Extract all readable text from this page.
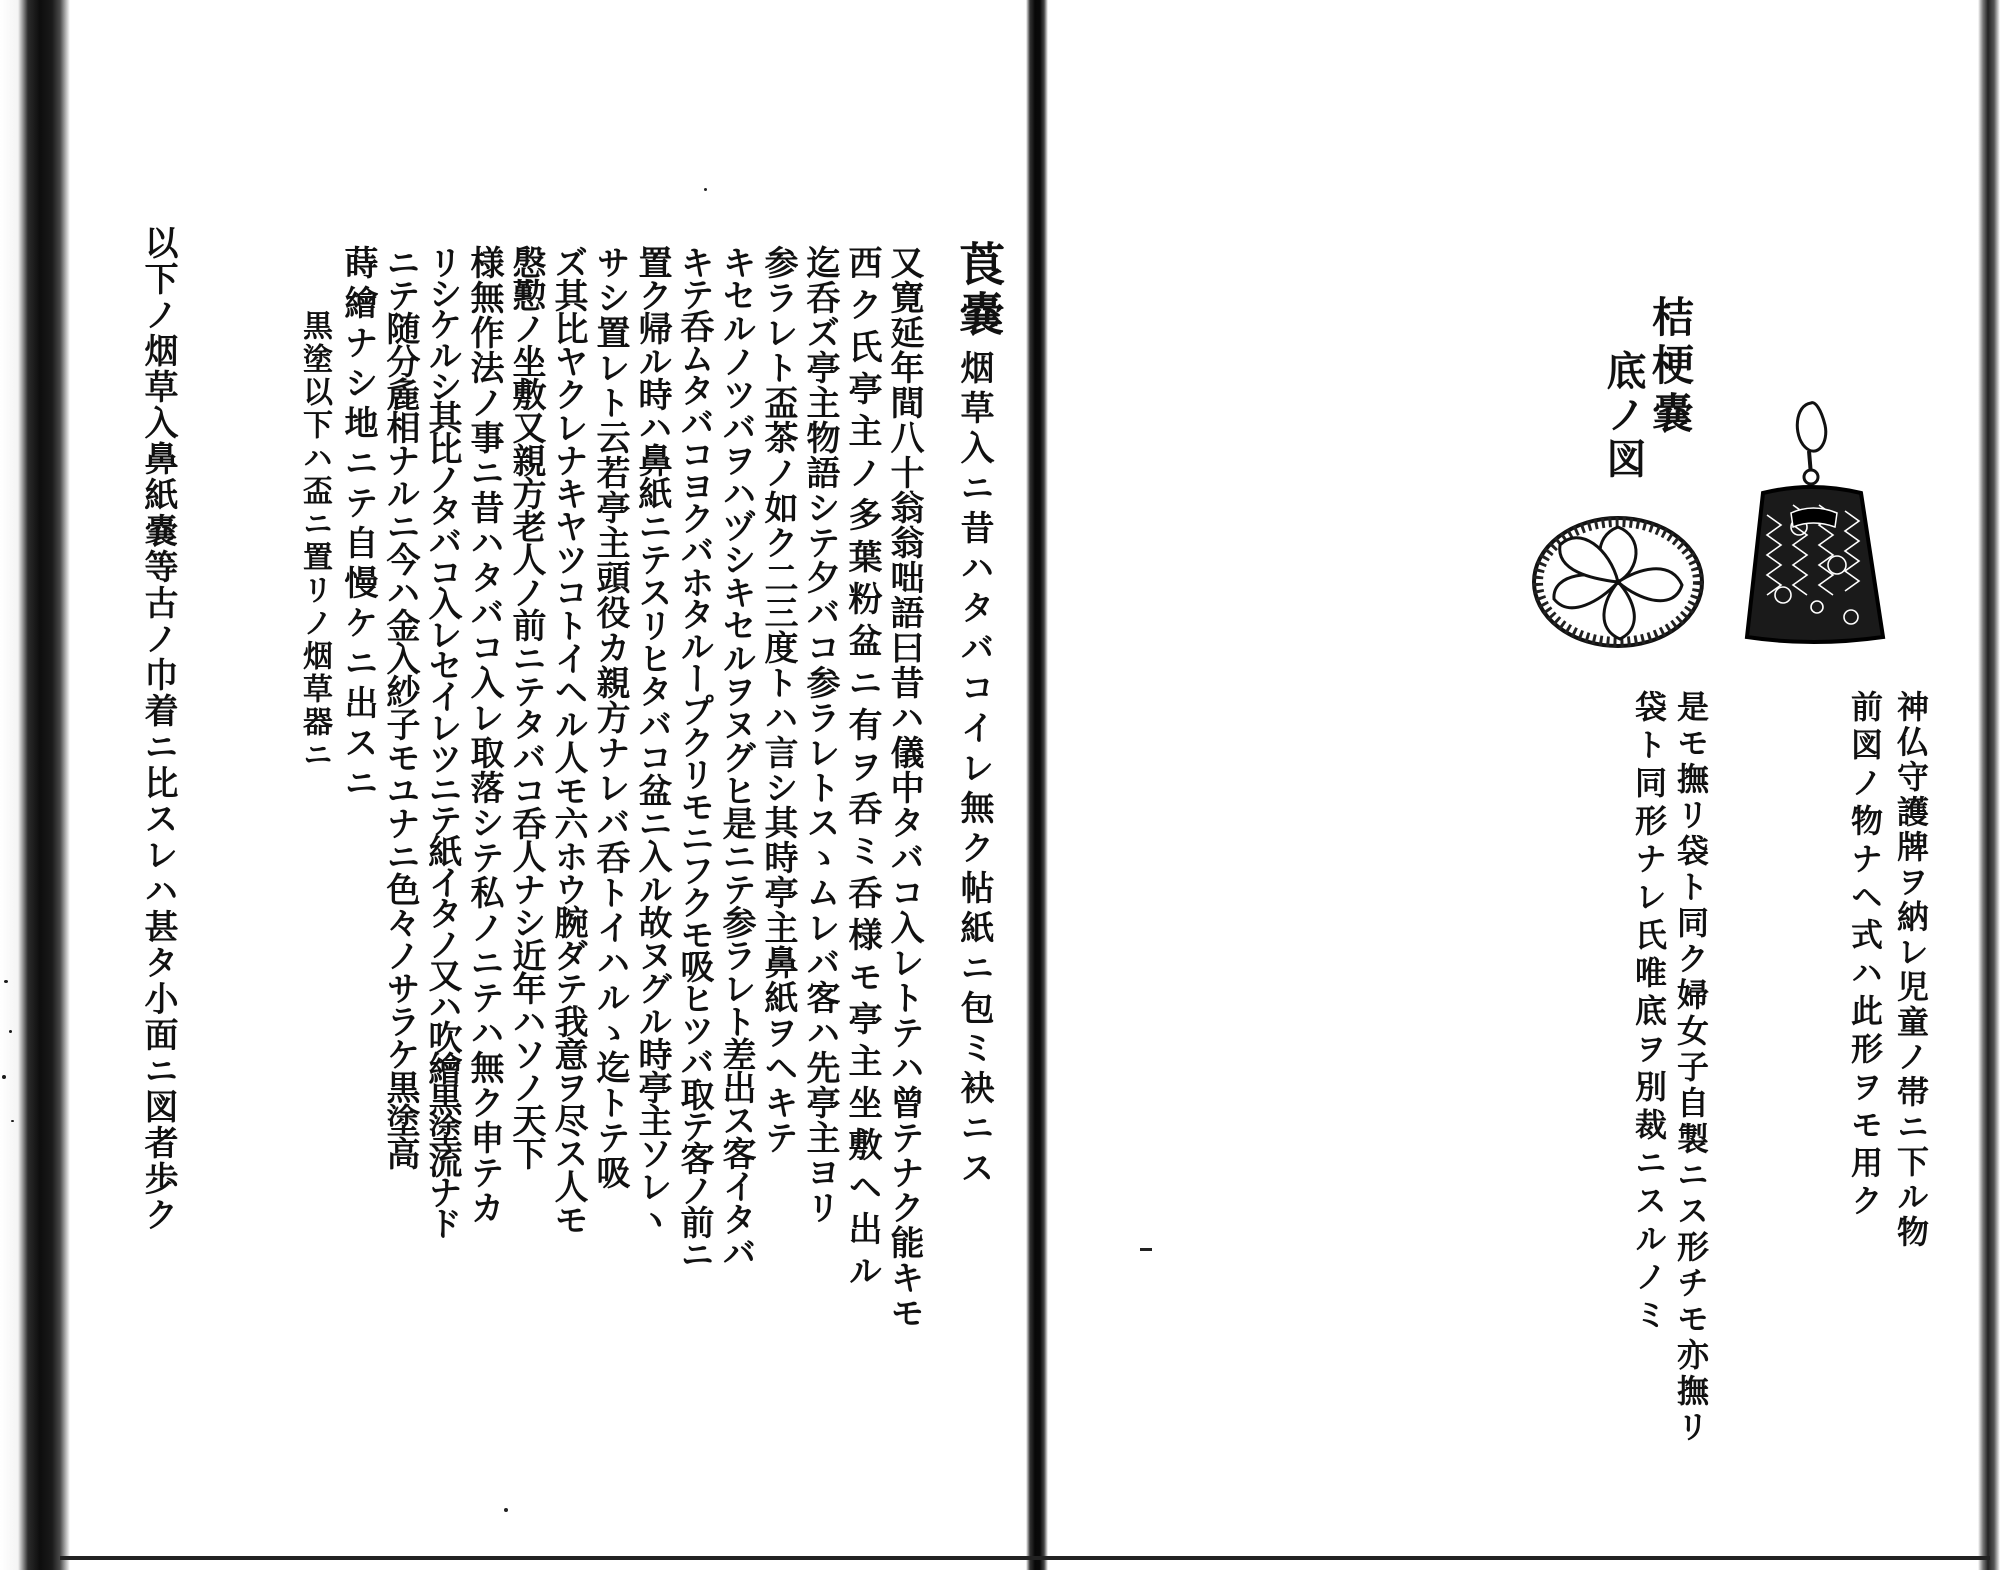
莨嚢
烟草入ニ昔ハタバコイレ無ク帖紙ニ包ミ袂ニス
又寛延年間八十翁翁咄語曰昔ハ儀中タバコ入レトテハ曾テナク能キモ
西ク氏亭主ノ多葉粉盆ニ有ヲ呑ミ呑様モ亭主坐敷ヘ出ル
迄呑ズ亭主物語シテ夕バコ参ラレトスゝムレバ客ハ先亭主ヨリ
参ラレト盃茶ノ如ク二三度トハ言シ其時亭主鼻紙ヲヘキテ
キセルノツバヲハヅシキセルヲヌグヒ是ニテ参ラレト差出ス客イタバ
キテ呑ムタバコヨクバホタループクリモニフクモ吸ヒツバ取テ客ノ前ニ
置ク帰ル時ハ鼻紙ニテスリヒタバコ盆ニ入ル故ヌグル時亭主ソレヽ
サシ置レト云若亭主頭役カ親方ナレバ呑トイハルゝ迄トテ吸
ズ其比ヤクレナキヤツコトイヘル人モ六ホウ腕ダテ我意ヲ尽ス人モ
慇懃ノ坐敷又親方老人ノ前ニテタバコ呑人ナシ近年ハソノ天下
様無作法ノ事ニ昔ハタバコ入レ取落シテ私ノニテハ無ク申テカ
リシケルシ其比ノタバコ入レセイレツニテ紙イタノ又ハ吹繪黒塗流ナド
ニテ随分麁相ナルニ今ハ金入紗子モユナニ色々ノサラケ黒塗高
蒔繪ナシ地ニテ自慢ケニ出スニ
黒塗以下ハ盃ニ置リノ烟草器ニ
以下ノ烟草入鼻紙嚢等古ノ巾着ニ比スレハ甚タ小面ニ図者歩ク	桔梗嚢
底ノ図
神仏守護牌ヲ納レ児童ノ帯ニ下ル物
前図ノ物ナヘ式ハ此形ヲモ用ク
是モ撫リ袋ト同ク婦女子自製ニス形チモ亦撫リ
袋ト同形ナレ氏唯底ヲ別裁ニスルノミ
